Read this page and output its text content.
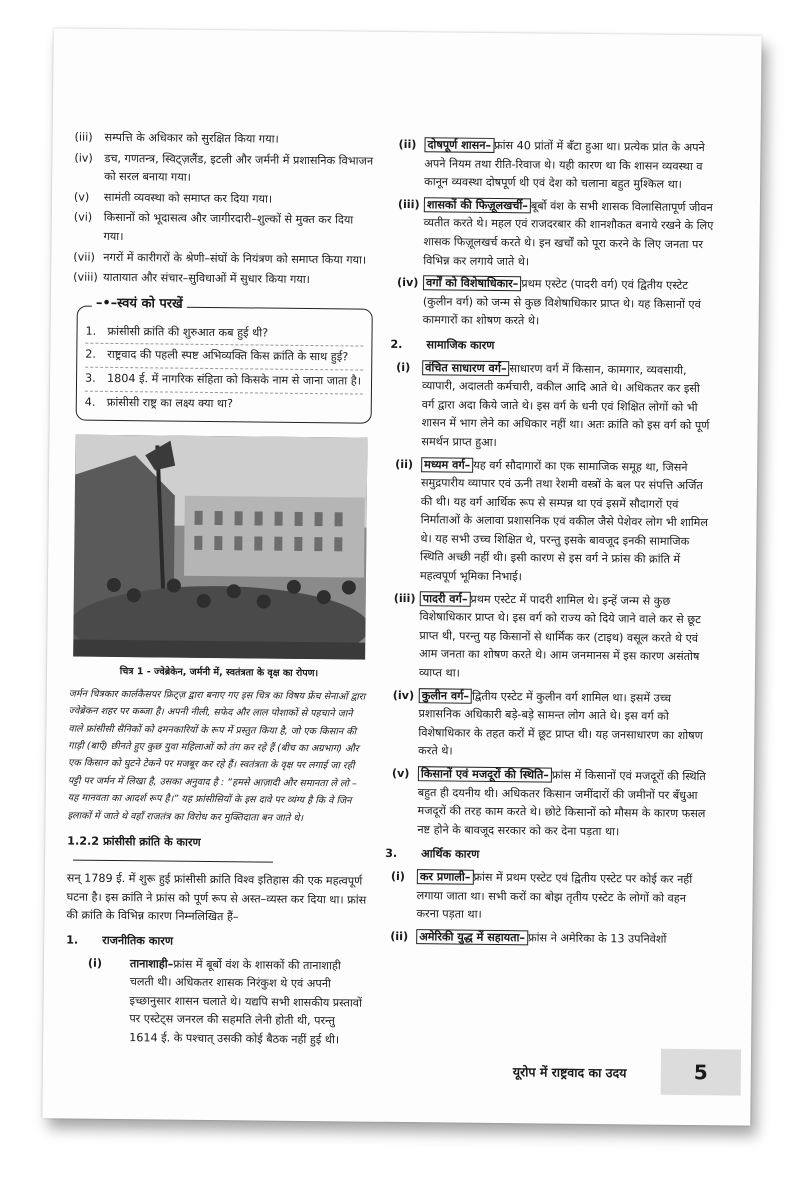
(iii)	सम्पत्ति के अधिकार को सुरक्षित किया गया।
(iv)	डच, गणतन्त्र, स्विट्ज़लैंड, इटली और जर्मनी में प्रशासनिक विभाजन को सरल बनाया गया।
(v)	सामंती व्यवस्था को समाप्त कर दिया गया।
(vi)	किसानों को भूदासत्व और जागीरदारी–शुल्कों से मुक्त कर दिया गया।
(vii) नगरों में कारीगरों के श्रेणी–संघों के नियंत्रण को समाप्त किया गया।
(viii) यातायात और संचार–सुविधाओं में सुधार किया गया।
–•– स्वयं को परखें
1. फ्रांसीसी क्रांति की शुरुआत कब हुई थी?
2. राष्ट्रवाद की पहली स्पष्ट अभिव्यक्ति किस क्रांति के साथ हुई?
3. 1804 ई. में नागरिक संहिता को किसके नाम से जाना जाता है।
4. फ्रांसीसी राष्ट्र का लक्ष्य क्या था?
चित्र 1 - ज्वेब्रेकेन, जर्मनी में, स्वतंत्रता के वृक्ष का रोपण।
जर्मन चित्रकार कार्लकैसपर फ्रिट्ज़ द्वारा बनाए गए इस चित्र का विषय फ्रेंच सेनाओं द्वारा ज्वेब्रेकन शहर पर कब्जा है। अपनी नीली, सफेद और लाल पोशाकों से पहचाने जाने वाले फ्रांसीसी सैनिकों को दमनकारियों के रूप में प्रस्तुत किया है, जो एक किसान की गाड़ी (बाएँ) छीनते हुए कुछ युवा महिलाओं को तंग कर रहे हैं (बीच का अग्रभाग) और एक किसान को घुटने टेकने पर मजबूर कर रहे हैं। स्वतंत्रता के वृक्ष पर लगाई जा रही पट्टी पर जर्मन में लिखा है, उसका अनुवाद है : “हमसे आज़ादी और समानता ले लो – यह मानवता का आदर्श रूप है।” यह फ्रांसीसियों के इस दावे पर व्यंग्य है कि वे जिन इलाकों में जाते थे वहाँ राजतंत्र का विरोध कर मुक्तिदाता बन जाते थे।
1.2.2 फ्रांसीसी क्रांति के कारण
सन् 1789 ई. में शुरू हुई फ्रांसीसी क्रांति विश्व इतिहास की एक महत्वपूर्ण घटना है। इस क्रांति ने फ्रांस को पूर्ण रूप से अस्त–व्यस्त कर दिया था। फ्रांस की क्रांति के विभिन्न कारण निम्नलिखित हैं–
1. राजनीतिक कारण
(i)	तानाशाही–फ्रांस में बूर्बो वंश के शासकों की तानाशाही चलती थी। अधिकतर शासक निरंकुश थे एवं अपनी इच्छानुसार शासन चलाते थे। यद्यपि सभी शासकीय प्रस्तावों पर एस्टेट्स जनरल की सहमति लेनी होती थी, परन्तु 1614 ई. के पश्चात् उसकी कोई बैठक नहीं हुई थी।
(ii) दोषपूर्ण शासन– फ्रांस 40 प्रांतों में बँटा हुआ था। प्रत्येक प्रांत के अपने अपने नियम तथा रीति-रिवाज थे। यही कारण था कि शासन व्यवस्था व कानून व्यवस्था दोषपूर्ण थी एवं देश को चलाना बहुत मुश्किल था।
(iii) शासकों की फिज़ूलखर्ची– बूर्बो वंश के सभी शासक विलासितापूर्ण जीवन व्यतीत करते थे। महल एवं राजदरबार की शानशौकत बनाये रखने के लिए शासक फिज़ूलखर्च करते थे। इन खर्चों को पूरा करने के लिए जनता पर विभिन्न कर लगाये जाते थे।
(iv) वर्गों को विशेषाधिकार– प्रथम एस्टेट (पादरी वर्ग) एवं द्वितीय एस्टेट (कुलीन वर्ग) को जन्म से कुछ विशेषाधिकार प्राप्त थे। यह किसानों एवं कामगारों का शोषण करते थे।
2. सामाजिक कारण
(i)	वंचित साधारण वर्ग– साधारण वर्ग में किसान, कामगार, व्यवसायी, व्यापारी, अदालती कर्मचारी, वकील आदि आते थे। अधिकतर कर इसी वर्ग द्वारा अदा किये जाते थे। इस वर्ग के धनी एवं शिक्षित लोगों को भी शासन में भाग लेने का अधिकार नहीं था। अतः क्रांति को इस वर्ग को पूर्ण समर्थन प्राप्त हुआ।
(ii) मध्यम वर्ग– यह वर्ग सौदागारों का एक सामाजिक समूह था, जिसने समुद्रपारीय व्यापार एवं ऊनी तथा रेशमी वस्त्रों के बल पर संपत्ति अर्जित की थी। यह वर्ग आर्थिक रूप से सम्पन्न था एवं इसमें सौदागरों एवं निर्माताओं के अलावा प्रशासनिक एवं वकील जैसे पेशेवर लोग भी शामिल थे। यह सभी उच्च शिक्षित थे, परन्तु इसके बावजूद इनकी सामाजिक स्थिति अच्छी नहीं थी। इसी कारण से इस वर्ग ने फ्रांस की क्रांति में महत्वपूर्ण भूमिका निभाई।
(iii) पादरी वर्ग– प्रथम एस्टेट में पादरी शामिल थे। इन्हें जन्म से कुछ विशेषाधिकार प्राप्त थे। इस वर्ग को राज्य को दिये जाने वाले कर से छूट प्राप्त थी, परन्तु यह किसानों से धार्मिक कर (टाइथ) वसूल करते थे एवं आम जनता का शोषण करते थे। आम जनमानस में इस कारण असंतोष व्याप्त था।
(iv) कुलीन वर्ग– द्वितीय एस्टेट में कुलीन वर्ग शामिल था। इसमें उच्च प्रशासनिक अधिकारी बड़े-बड़े सामन्त लोग आते थे। इस वर्ग को विशेषाधिकार के तहत करों में छूट प्राप्त थी। यह जनसाधारण का शोषण करते थे।
(v)	किसानों एवं मजदूरों की स्थिति– फ्रांस में किसानों एवं मजदूरों की स्थिति बहुत ही दयनीय थी। अधिकतर किसान जमींदारों की जमीनों पर बँधुआ मजदूरों की तरह काम करते थे। छोटे किसानों को मौसम के कारण फसल नष्ट होने के बावजूद सरकार को कर देना पड़ता था।
3. आर्थिक कारण
(i)	कर प्रणाली– फ्रांस में प्रथम एस्टेट एवं द्वितीय एस्टेट पर कोई कर नहीं लगाया जाता था। सभी करों का बोझ तृतीय एस्टेट के लोगों को वहन करना पड़ता था।
(ii) अमेरिकी युद्ध में सहायता– फ्रांस ने अमेरिका के 13 उपनिवेशों
यूरोप में राष्ट्रवाद का उदय	5
